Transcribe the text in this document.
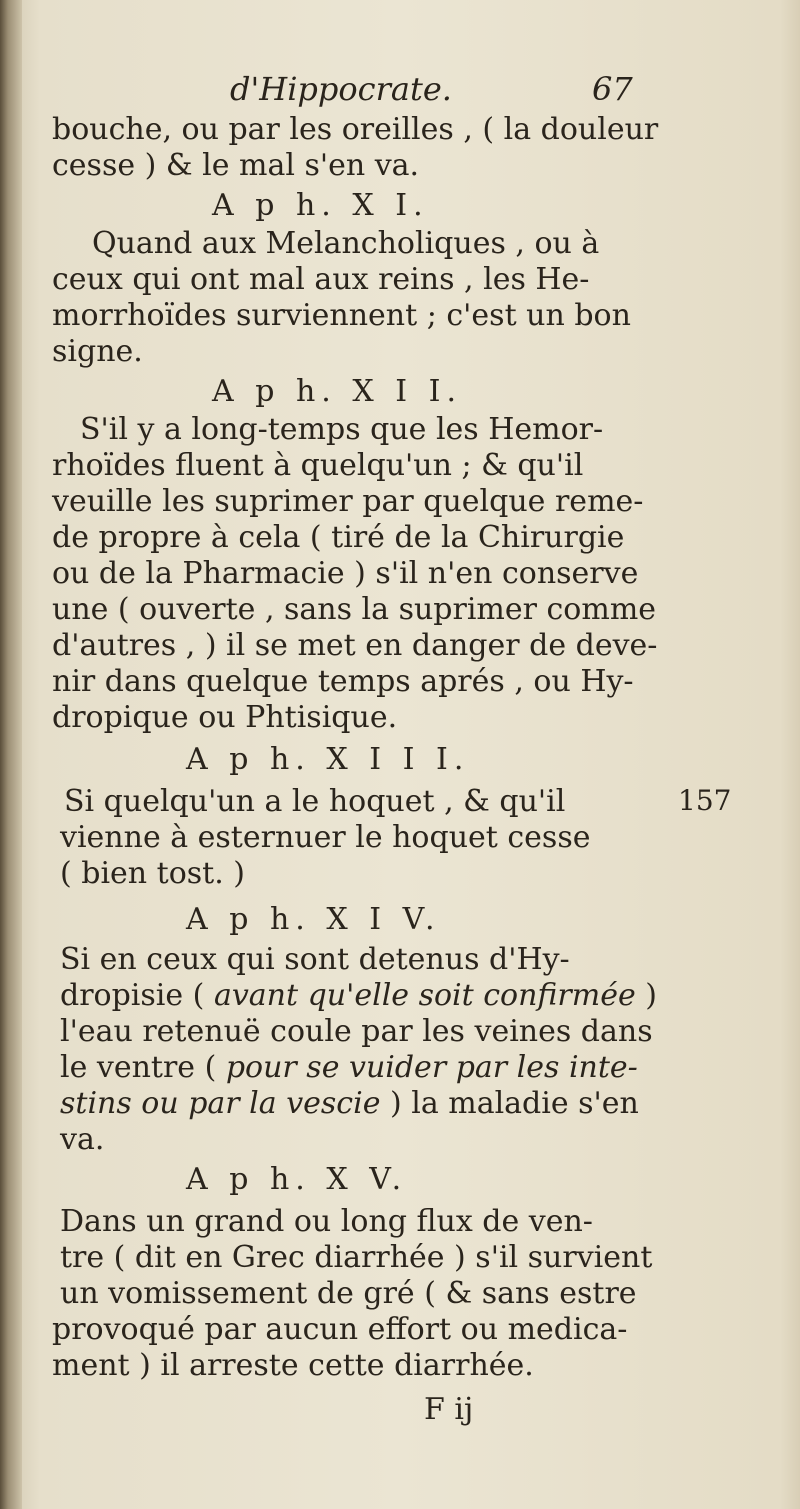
d'Hippocrate.	67
bouche, ou par les oreilles , ( la douleur
cesse ) & le mal s'en va.
A p h. X I.
Quand aux Melancholiques , ou à
ceux qui ont mal aux reins , les He-
morrhoïdes surviennent ; c'est un bon
signe.
A p h. X I I.
S'il y a long-temps que les Hemor-
rhoïdes fluent à quelqu'un ; & qu'il
veuille les suprimer par quelque reme-
de propre à cela ( tiré de la Chirurgie
ou de la Pharmacie ) s'il n'en conserve
une ( ouverte , sans la suprimer comme
d'autres , ) il se met en danger de deve-
nir dans quelque temps aprés , ou Hy-
dropique ou Phtisique.
A p h. X I I I.
Si quelqu'un a le hoquet , & qu'il	157
vienne à esternuer le hoquet cesse
( bien tost. )
A p h. X I V.
Si en ceux qui sont detenus d'Hy-
dropisie ( avant qu'elle soit confirmée )
l'eau retenuë coule par les veines dans
le ventre ( pour se vuider par les inte-
stins ou par la vescie ) la maladie s'en
va.
A p h. X V.
Dans un grand ou long flux de ven-
tre ( dit en Grec diarrhée ) s'il survient
un vomissement de gré ( & sans estre
provoqué par aucun effort ou medica-
ment ) il arreste cette diarrhée.
F ij
